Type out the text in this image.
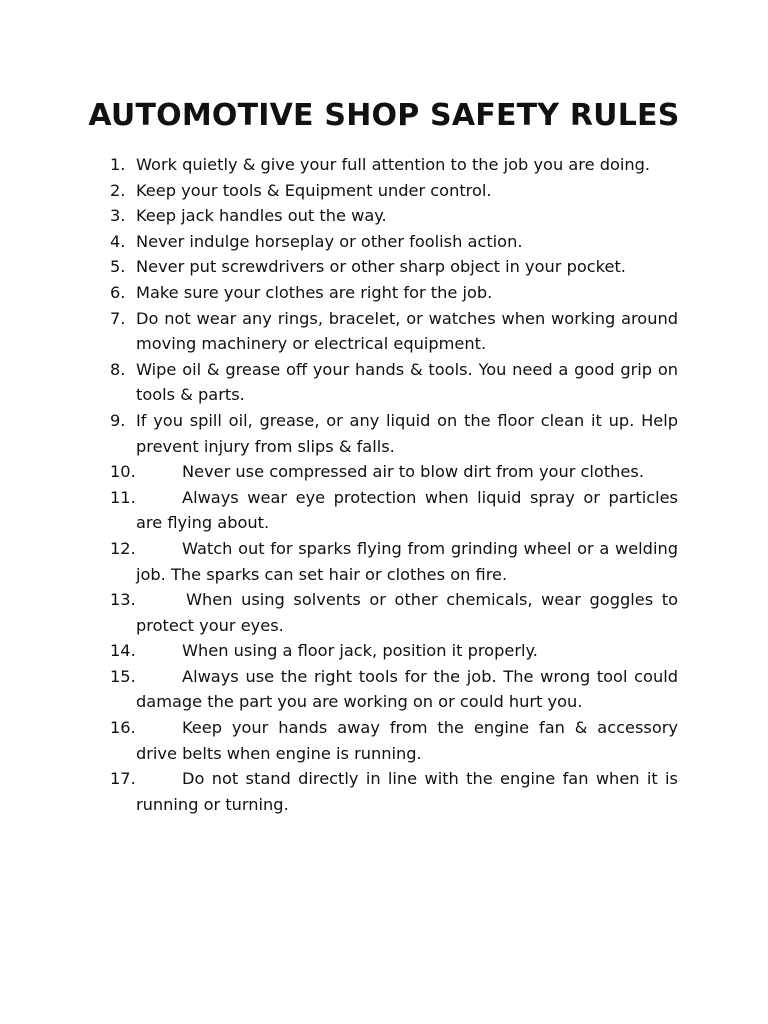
AUTOMOTIVE SHOP SAFETY RULES
1. Work quietly & give your full attention to the job you are doing.
2. Keep your tools & Equipment under control.
3. Keep jack handles out the way.
4. Never indulge horseplay or other foolish action.
5. Never put screwdrivers or other sharp object in your pocket.
6. Make sure your clothes are right for the job.
7. Do not wear any rings, bracelet, or watches when working around moving machinery or electrical equipment.
8. Wipe oil & grease off your hands & tools. You need a good grip on tools & parts.
9. If you spill oil, grease, or any liquid on the floor clean it up. Help prevent injury from slips & falls.
10.	Never use compressed air to blow dirt from your clothes.
11.	Always wear eye protection when liquid spray or particles are flying about.
12.	Watch out for sparks flying from grinding wheel or a welding job. The sparks can set hair or clothes on fire.
13.	When using solvents or other chemicals, wear goggles to protect your eyes.
14.	When using a floor jack, position it properly.
15.	Always use the right tools for the job. The wrong tool could damage the part you are working on or could hurt you.
16.	Keep your hands away from the engine fan & accessory drive belts when engine is running.
17.	Do not stand directly in line with the engine fan when it is running or turning.
